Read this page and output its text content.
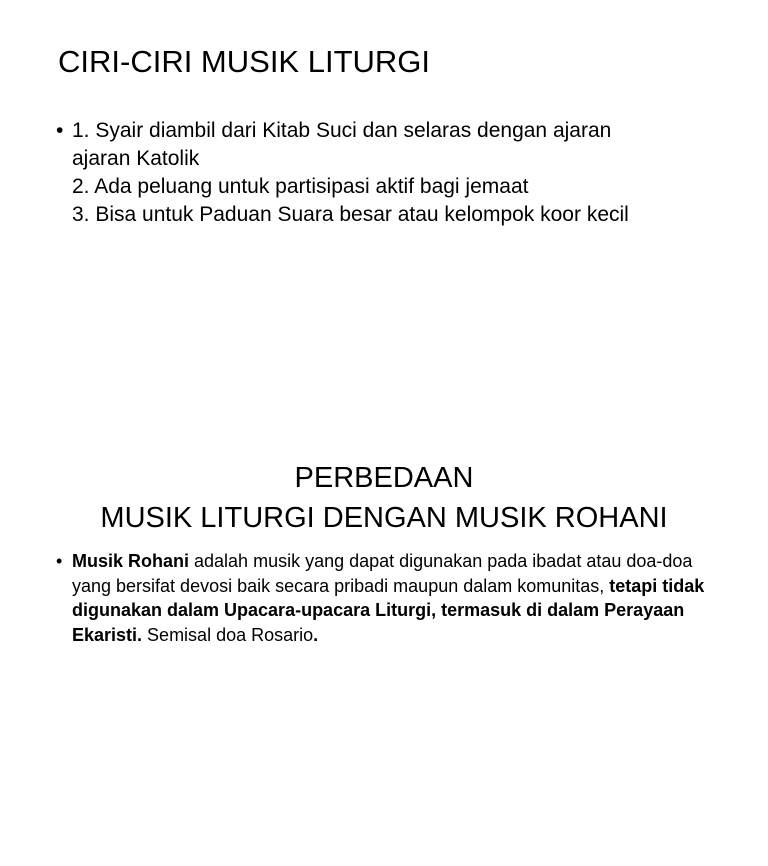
CIRI-CIRI MUSIK LITURGI
• 1. Syair diambil dari Kitab Suci dan selaras dengan ajaran
ajaran Katolik
2. Ada peluang untuk partisipasi aktif bagi jemaat
3. Bisa untuk Paduan Suara besar atau kelompok koor kecil
PERBEDAAN
MUSIK LITURGI DENGAN MUSIK ROHANI
• Musik Rohani adalah musik yang dapat digunakan pada ibadat atau doa-doa yang bersifat devosi baik secara pribadi maupun dalam komunitas, tetapi tidak digunakan dalam Upacara-upacara Liturgi, termasuk di dalam Perayaan Ekaristi. Semisal doa Rosario.
